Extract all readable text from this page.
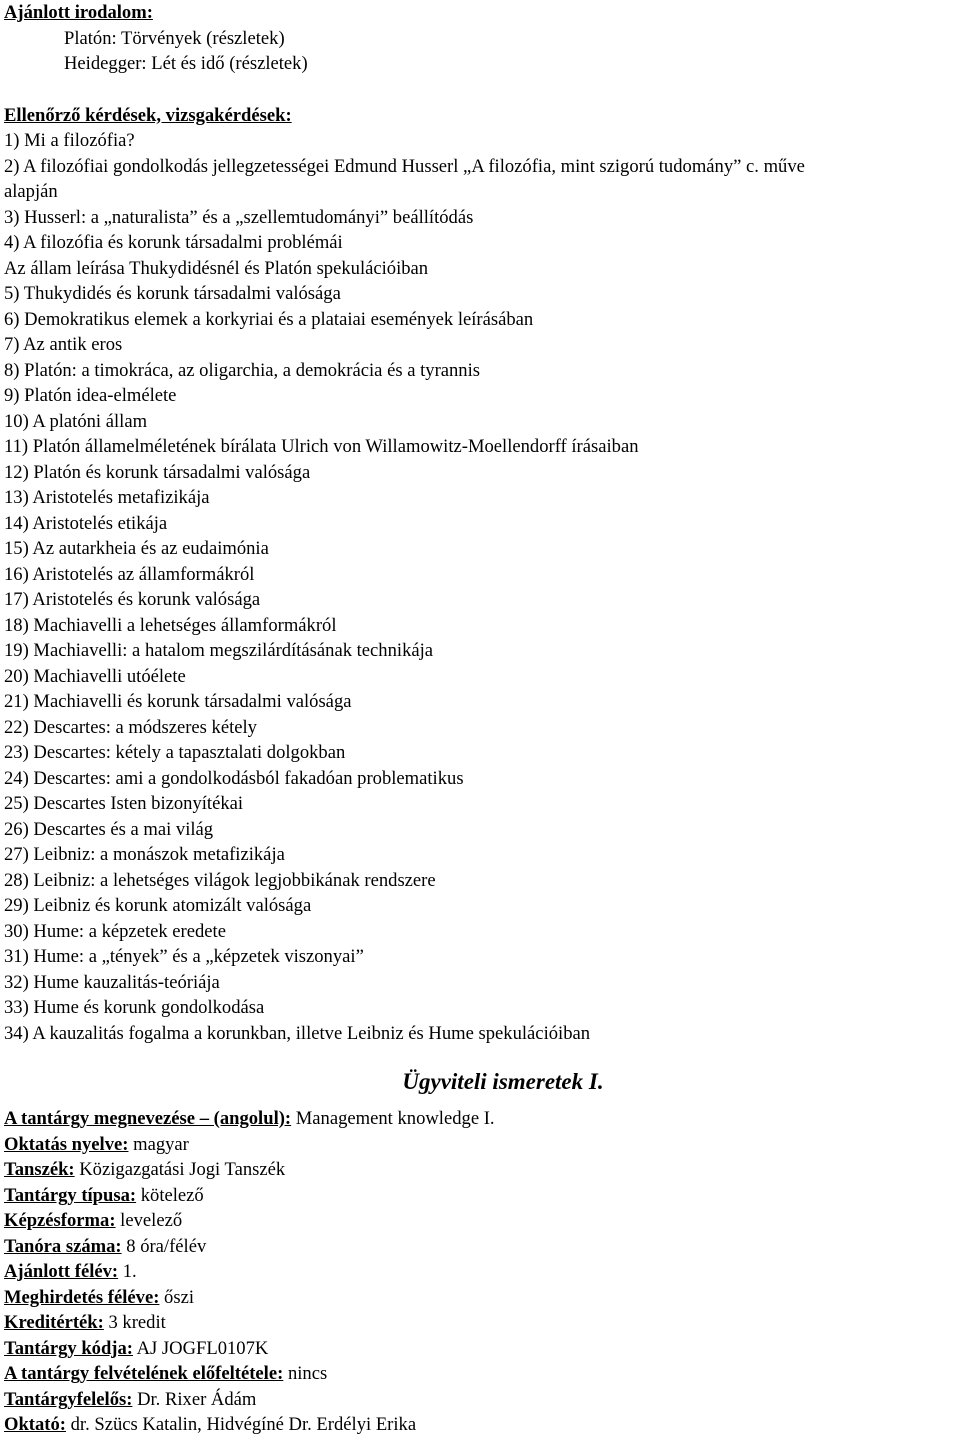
Ajánlott irodalom:
Platón: Törvények (részletek)
Heidegger: Lét és idő (részletek)
Ellenőrző kérdések, vizsgakérdések:
1) Mi a filozófia?
2) A filozófiai gondolkodás jellegzetességei Edmund Husserl „A filozófia, mint szigorú tudomány” c. műve
alapján
3) Husserl: a „naturalista” és a „szellemtudományi” beállítódás
4) A filozófia és korunk társadalmi problémái
Az állam leírása Thukydidésnél és Platón spekulációiban
5) Thukydidés és korunk társadalmi valósága
6) Demokratikus elemek a korkyriai és a plataiai események leírásában
7) Az antik eros
8) Platón: a timokráca, az oligarchia, a demokrácia és a tyrannis
9) Platón idea-elmélete
10) A platóni állam
11) Platón államelméletének bírálata Ulrich von Willamowitz-Moellendorff írásaiban
12) Platón és korunk társadalmi valósága
13) Aristotelés metafizikája
14) Aristotelés etikája
15) Az autarkheia és az eudaimónia
16) Aristotelés az államformákról
17) Aristotelés és korunk valósága
18) Machiavelli a lehetséges államformákról
19) Machiavelli: a hatalom megszilárdításának technikája
20) Machiavelli utóélete
21) Machiavelli és korunk társadalmi valósága
22) Descartes: a módszeres kétely
23) Descartes: kétely a tapasztalati dolgokban
24) Descartes: ami a gondolkodásból fakadóan problematikus
25) Descartes Isten bizonyítékai
26) Descartes és a mai világ
27) Leibniz: a monászok metafizikája
28) Leibniz: a lehetséges világok legjobbikának rendszere
29) Leibniz és korunk atomizált valósága
30) Hume: a képzetek eredete
31) Hume: a „tények” és a „képzetek viszonyai”
32) Hume kauzalitás-teóriája
33) Hume és korunk gondolkodása
34) A kauzalitás fogalma a korunkban, illetve Leibniz és Hume spekulációiban
Ügyviteli ismeretek I.
A tantárgy megnevezése – (angolul): Management knowledge I.
Oktatás nyelve: magyar
Tanszék: Közigazgatási Jogi Tanszék
Tantárgy típusa: kötelező
Képzésforma: levelező
Tanóra száma: 8 óra/félév
Ajánlott félév: 1.
Meghirdetés féléve: őszi
Kreditérték: 3 kredit
Tantárgy kódja: AJ JOGFL0107K
A tantárgy felvételének előfeltétele: nincs
Tantárgyfelelős: Dr. Rixer Ádám
Oktató: dr. Szücs Katalin, Hidvégíné Dr. Erdélyi Erika
